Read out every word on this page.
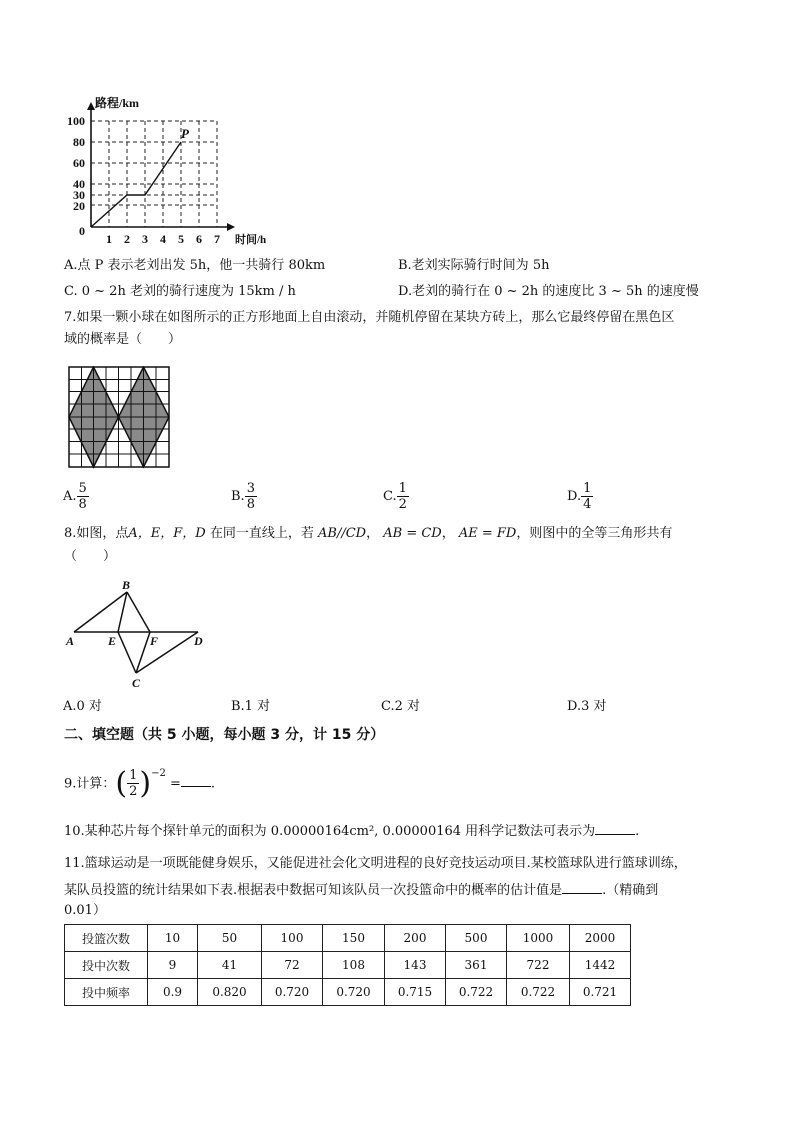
路程/km
时间/h
P
100
80
60
40
30
20
0
1 2 3 4 5 6 7
A.点 P 表示老刘出发 5h，他一共骑行 80km	B.老刘实际骑行时间为 5h
C. 0 ~ 2h 老刘的骑行速度为 15km / h	D.老刘的骑行在 0 ~ 2h 的速度比 3 ~ 5h 的速度慢
7.如果一颗小球在如图所示的正方形地面上自由滚动，并随机停留在某块方砖上，那么它最终停留在黑色区
域的概率是（　　）
A. $\frac{5}{8}$	B. $\frac{3}{8}$	C. $\frac{1}{2}$	D. $\frac{1}{4}$
8.如图，点A，E，F，D 在同一直线上，若 AB//CD， AB = CD， AE = FD，则图中的全等三角形共有
（　　）
B
A	E	F	D
C
A.0 对	B.1 对	C.2 对	D.3 对
二、填空题（共 5 小题，每小题 3 分，计 15 分）
9.计算：( $\frac{1}{2} )^{-2}$ = .
10.某种芯片每个探针单元的面积为 0.00000164cm², 0.00000164 用科学记数法可表示为	.
11.篮球运动是一项既能健身娱乐，又能促进社会化文明进程的良好竞技运动项目.某校篮球队进行篮球训练，
某队员投篮的统计结果如下表.根据表中数据可知该队员一次投篮命中的概率的估计值是	.（精确到
0.01）
投篮次数	10	50	100	150	200	500	1000	2000
投中次数	9	41	72	108	143	361	722	1442
投中频率	0.9	0.820	0.720	0.720	0.715	0.722	0.722	0.721
